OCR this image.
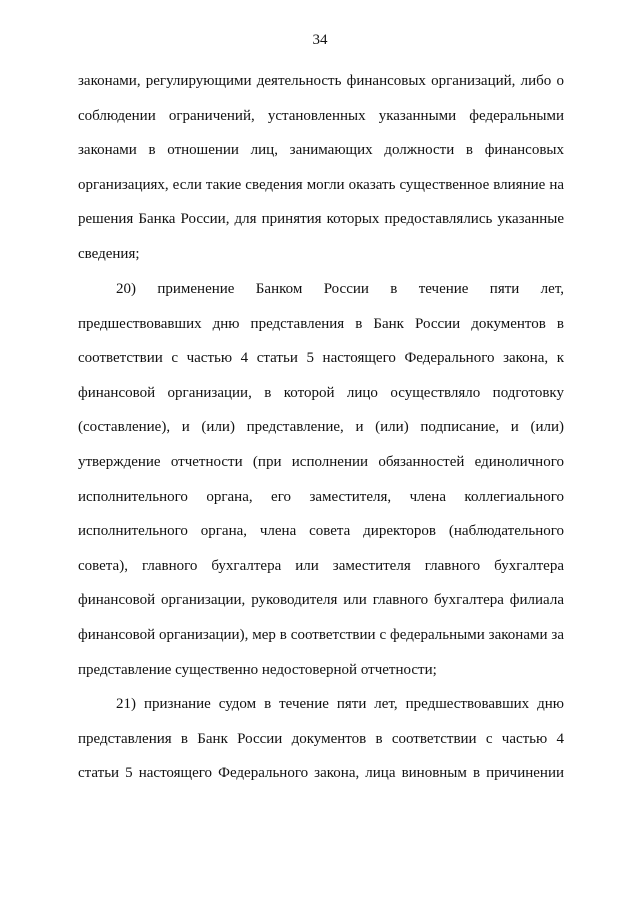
34
законами, регулирующими деятельность финансовых организаций, либо о
соблюдении ограничений, установленных указанными федеральными
законами в отношении лиц, занимающих должности в финансовых
организациях, если такие сведения могли оказать существенное влияние на
решения Банка России, для принятия которых предоставлялись указанные
сведения;
20) применение Банком России в течение пяти лет,
предшествовавших дню представления в Банк России документов в
соответствии с частью 4 статьи 5 настоящего Федерального закона, к
финансовой организации, в которой лицо осуществляло подготовку
(составление), и (или) представление, и (или) подписание, и (или)
утверждение отчетности (при исполнении обязанностей единоличного
исполнительного органа, его заместителя, члена коллегиального
исполнительного органа, члена совета директоров (наблюдательного
совета), главного бухгалтера или заместителя главного бухгалтера
финансовой организации, руководителя или главного бухгалтера филиала
финансовой организации), мер в соответствии с федеральными законами за
представление существенно недостоверной отчетности;
21) признание судом в течение пяти лет, предшествовавших дню
представления в Банк России документов в соответствии с частью 4
статьи 5 настоящего Федерального закона, лица виновным в причинении
